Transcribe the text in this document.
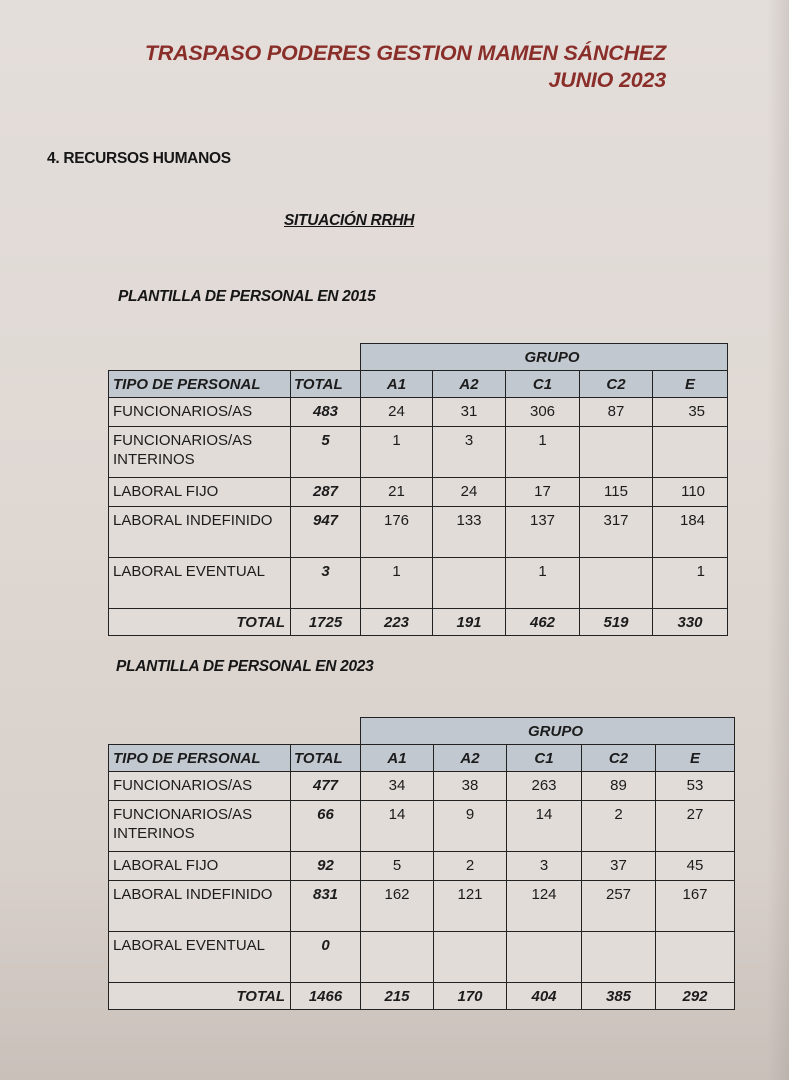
TRASPASO PODERES GESTION MAMEN SÁNCHEZ
JUNIO 2023
4. RECURSOS HUMANOS
SITUACIÓN RRHH
PLANTILLA DE PERSONAL EN 2015
		GRUPO				
TIPO DE PERSONAL	TOTAL	A1	A2	C1	C2	E
FUNCIONARIOS/AS	483	24	31	306	87	35
FUNCIONARIOS/AS INTERINOS	5	1	3	1		
LABORAL FIJO	287	21	24	17	115	110
LABORAL INDEFINIDO	947	176	133	137	317	184
LABORAL EVENTUAL	3	1		1		1
TOTAL	1725	223	191	462	519	330
PLANTILLA DE PERSONAL EN 2023
		GRUPO				
TIPO DE PERSONAL	TOTAL	A1	A2	C1	C2	E
FUNCIONARIOS/AS	477	34	38	263	89	53
FUNCIONARIOS/AS INTERINOS	66	14	9	14	2	27
LABORAL FIJO	92	5	2	3	37	45
LABORAL INDEFINIDO	831	162	121	124	257	167
LABORAL EVENTUAL	0					
TOTAL	1466	215	170	404	385	292
